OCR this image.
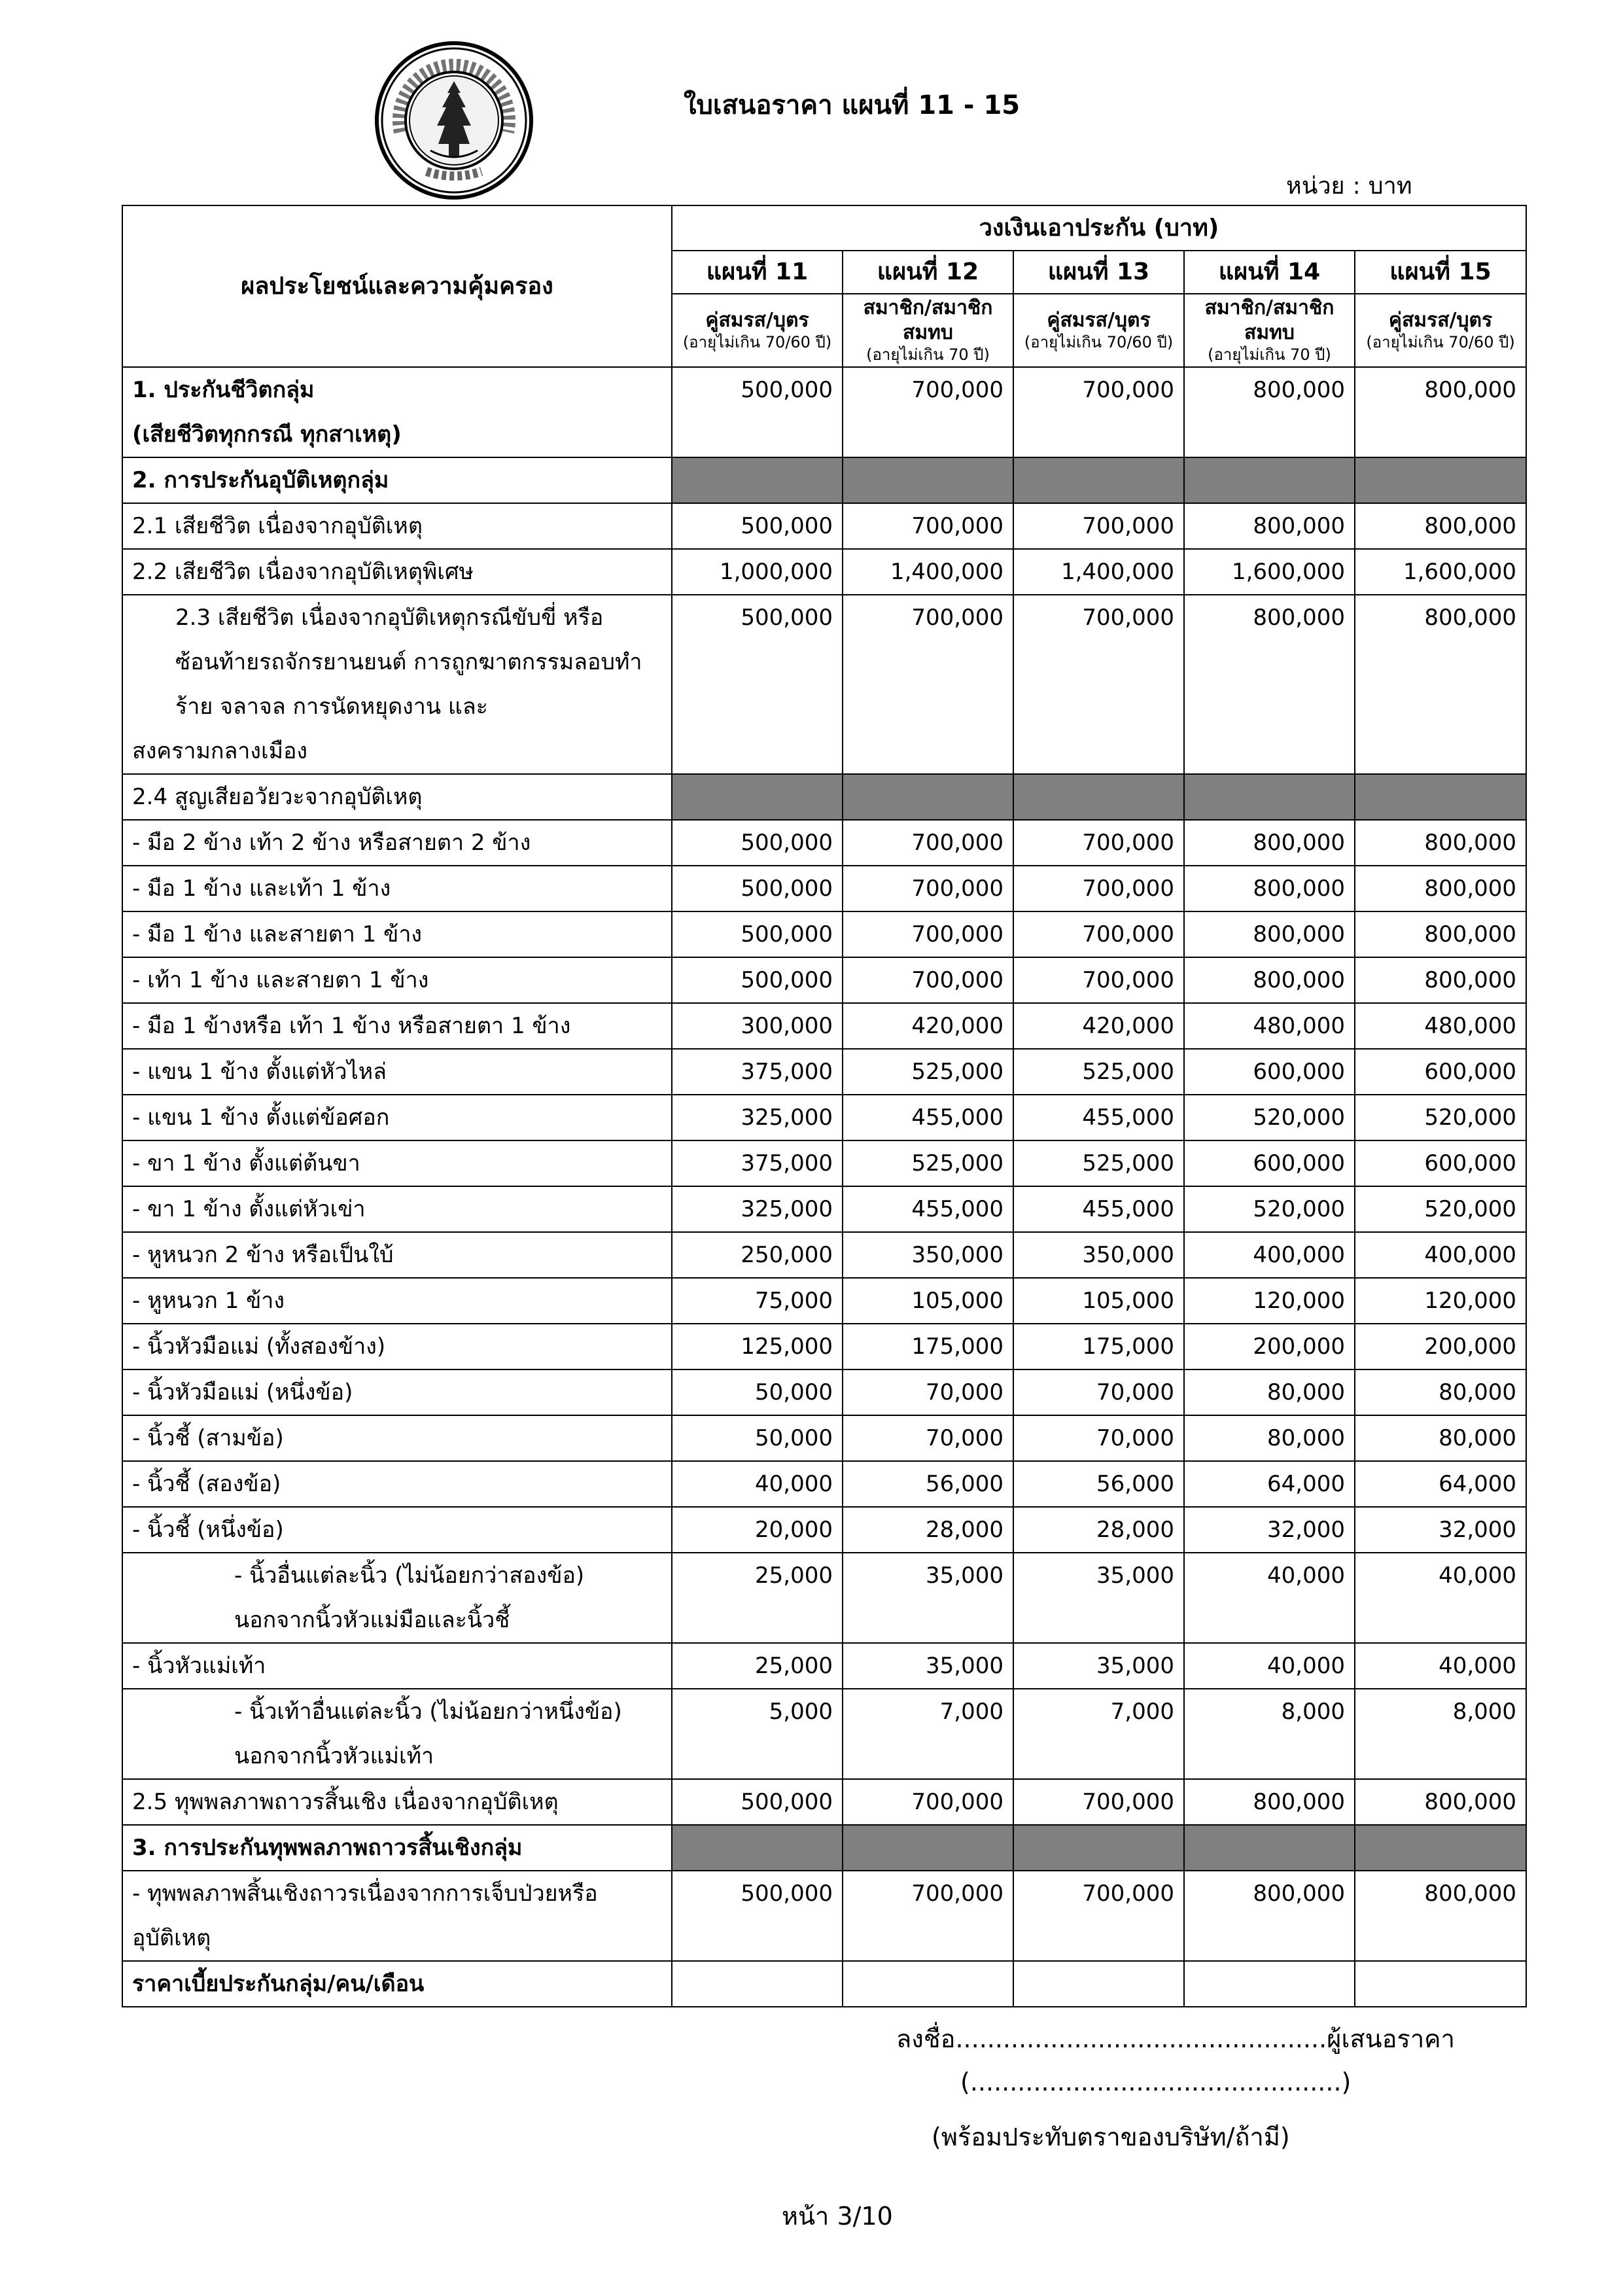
ใบเสนอราคา แผนที่ 11 - 15
หน่วย : บาท
ผลประโยชน์และความคุ้มครอง	วงเงินเอาประกัน (บาท)				
	แผนที่ 11	แผนที่ 12	แผนที่ 13	แผนที่ 14	แผนที่ 15

	คู่สมรส/บุตร
(อายุไม่เกิน 70/60 ปี)	สมาชิก/สมาชิกสมทบ
(อายุไม่เกิน 70 ปี)	คู่สมรส/บุตร
(อายุไม่เกิน 70/60 ปี)	สมาชิก/สมาชิกสมทบ
(อายุไม่เกิน 70 ปี)	คู่สมรส/บุตร
(อายุไม่เกิน 70/60 ปี)

1. ประกันชีวิตกลุ่ม
(เสียชีวิตทุกกรณี ทุกสาเหตุ)	500,000	700,000	700,000	800,000	800,000

2. การประกันอุบัติเหตุกลุ่ม					

2.1 เสียชีวิต เนื่องจากอุบัติเหตุ	500,000	700,000	700,000	800,000	800,000

2.2 เสียชีวิต เนื่องจากอุบัติเหตุพิเศษ	1,000,000	1,400,000	1,400,000	1,600,000	1,600,000

2.3 เสียชีวิต เนื่องจากอุบัติเหตุกรณีขับขี่ หรือ
ซ้อนท้ายรถจักรยานยนต์ การถูกฆาตกรรมลอบทำ
ร้าย จลาจล การนัดหยุดงาน และสงครามกลางเมือง	500,000	700,000	700,000	800,000	800,000

2.4 สูญเสียอวัยวะจากอุบัติเหตุ					

- มือ 2 ข้าง เท้า 2 ข้าง หรือสายตา 2 ข้าง	500,000	700,000	700,000	800,000	800,000

- มือ 1 ข้าง และเท้า 1 ข้าง	500,000	700,000	700,000	800,000	800,000

- มือ 1 ข้าง และสายตา 1 ข้าง	500,000	700,000	700,000	800,000	800,000

- เท้า 1 ข้าง และสายตา 1 ข้าง	500,000	700,000	700,000	800,000	800,000

- มือ 1 ข้างหรือ เท้า 1 ข้าง หรือสายตา 1 ข้าง	300,000	420,000	420,000	480,000	480,000

- แขน 1 ข้าง ตั้งแต่หัวไหล่	375,000	525,000	525,000	600,000	600,000

- แขน 1 ข้าง ตั้งแต่ข้อศอก	325,000	455,000	455,000	520,000	520,000

- ขา 1 ข้าง ตั้งแต่ต้นขา	375,000	525,000	525,000	600,000	600,000

- ขา 1 ข้าง ตั้งแต่หัวเข่า	325,000	455,000	455,000	520,000	520,000

- หูหนวก 2 ข้าง หรือเป็นใบ้	250,000	350,000	350,000	400,000	400,000

- หูหนวก 1 ข้าง	75,000	105,000	105,000	120,000	120,000

- นิ้วหัวมือแม่ (ทั้งสองข้าง)	125,000	175,000	175,000	200,000	200,000

- นิ้วหัวมือแม่ (หนึ่งข้อ)	50,000	70,000	70,000	80,000	80,000

- นิ้วชี้ (สามข้อ)	50,000	70,000	70,000	80,000	80,000

- นิ้วชี้ (สองข้อ)	40,000	56,000	56,000	64,000	64,000

- นิ้วชี้ (หนึ่งข้อ)	20,000	28,000	28,000	32,000	32,000

- นิ้วอื่นแต่ละนิ้ว (ไม่น้อยกว่าสองข้อ)
นอกจากนิ้วหัวแม่มือและนิ้วชี้	25,000	35,000	35,000	40,000	40,000

- นิ้วหัวแม่เท้า	25,000	35,000	35,000	40,000	40,000

- นิ้วเท้าอื่นแต่ละนิ้ว (ไม่น้อยกว่าหนึ่งข้อ)
นอกจากนิ้วหัวแม่เท้า	5,000	7,000	7,000	8,000	8,000

2.5 ทุพพลภาพถาวรสิ้นเชิง เนื่องจากอุบัติเหตุ	500,000	700,000	700,000	800,000	800,000

3. การประกันทุพพลภาพถาวรสิ้นเชิงกลุ่ม					

- ทุพพลภาพสิ้นเชิงถาวรเนื่องจากการเจ็บป่วยหรือ
อุบัติเหตุ	500,000	700,000	700,000	800,000	800,000

ราคาเบี้ยประกันกลุ่ม/คน/เดือน					

ลงชื่อ...............................................ผู้เสนอราคา
(...............................................)
(พร้อมประทับตราของบริษัท/ถ้ามี)
หน้า 3/10
